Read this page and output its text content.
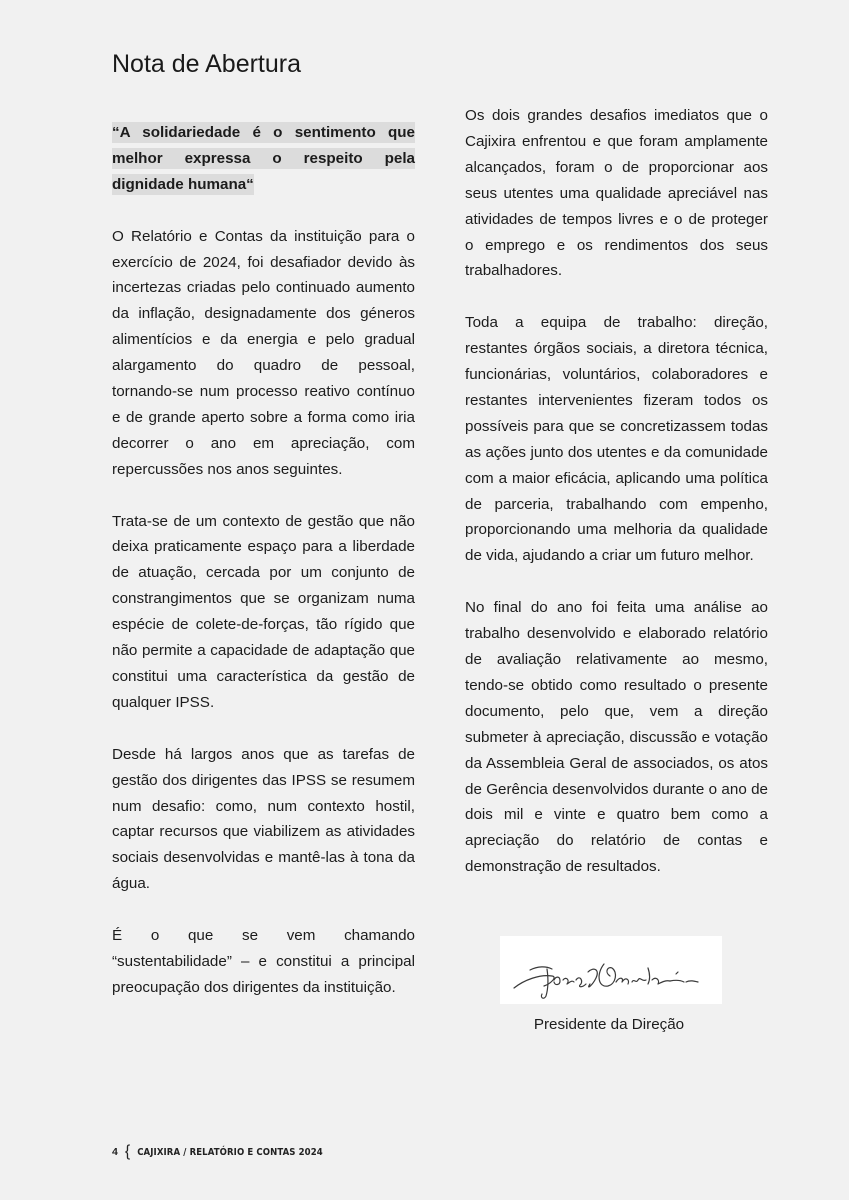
Nota de Abertura

“A solidariedade é o sentimento que melhor expressa o respeito pela dignidade humana“

O Relatório e Contas da instituição para o exercício de 2024, foi desafiador devido às incertezas criadas pelo continuado aumento da inflação, designadamente dos géneros alimentícios e da energia e pelo gradual alargamento do quadro de pessoal, tornando-se num processo reativo contínuo e de grande aperto sobre a forma como iria decorrer o ano em apreciação, com repercussões nos anos seguintes.

Trata-se de um contexto de gestão que não deixa praticamente espaço para a liberdade de atuação, cercada por um conjunto de constrangimentos que se organizam numa espécie de colete-de-forças, tão rígido que não permite a capacidade de adaptação que constitui uma característica da gestão de qualquer IPSS.

Desde há largos anos que as tarefas de gestão dos dirigentes das IPSS se resumem num desafio: como, num contexto hostil, captar recursos que viabilizem as atividades sociais desenvolvidas e mantê-las à tona da água.

É o que se vem chamando “sustentabilidade” – e constitui a principal preocupação dos dirigentes da instituição.

Os dois grandes desafios imediatos que o Cajixira enfrentou e que foram amplamente alcançados, foram o de proporcionar aos seus utentes uma qualidade apreciável nas atividades de tempos livres e o de proteger o emprego e os rendimentos dos seus trabalhadores.

Toda a equipa de trabalho: direção, restantes órgãos sociais, a diretora técnica, funcionárias, voluntários, colaboradores e restantes intervenientes fizeram todos os possíveis para que se concretizassem todas as ações junto dos utentes e da comunidade com a maior eficácia, aplicando uma política de parceria, trabalhando com empenho, proporcionando uma melhoria da qualidade de vida, ajudando a criar um futuro melhor.

No final do ano foi feita uma análise ao trabalho desenvolvido e elaborado relatório de avaliação relativamente ao mesmo, tendo-se obtido como resultado o presente documento, pelo que, vem a direção submeter à apreciação, discussão e votação da Assembleia Geral de associados, os atos de Gerência desenvolvidos durante o ano de dois mil e vinte e quatro bem como a apreciação do relatório de contas e demonstração de resultados.

Presidente da Direção
4 { CAJIXIRA / RELATÓRIO E CONTAS 2024
